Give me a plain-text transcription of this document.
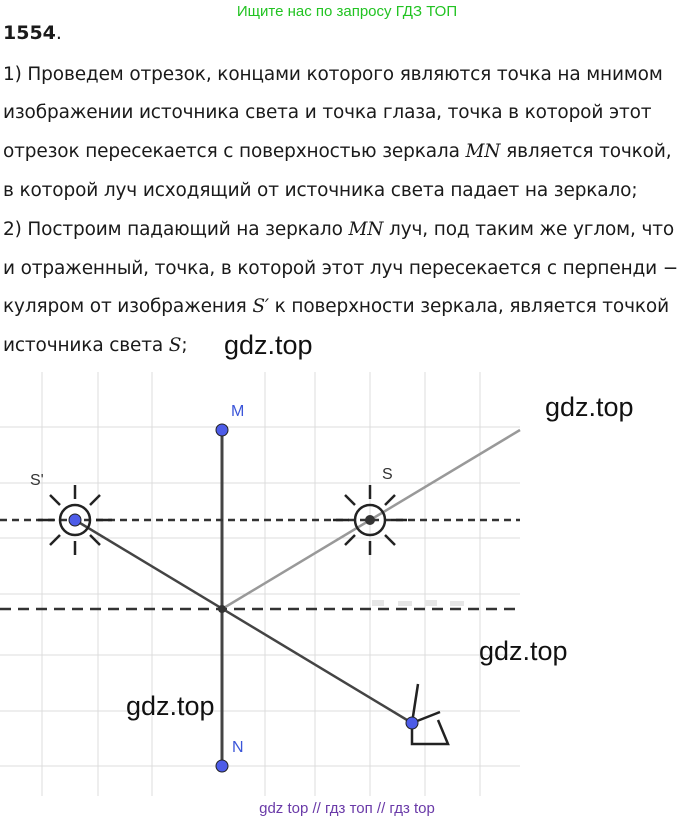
Ищите нас по запросу ГДЗ ТОП
1554.
1) Проведем отрезок, концами которого являются точка на мнимом
изображении источника света и точка глаза, точка в которой этот
отрезок пересекается с поверхностью зеркала MN является точкой,
в которой луч исходящий от источника света падает на зеркало;
2) Построим падающий на зеркало MN луч, под таким же углом, что
и отраженный, точка, в которой этот луч пересекается с перпенди −
куляром от изображения S′ к поверхности зеркала, является точкой
источника света S;
M
N
S
S'
gdz.top
gdz.top
gdz.top
gdz.top
gdz top // гдз топ // гдз top
